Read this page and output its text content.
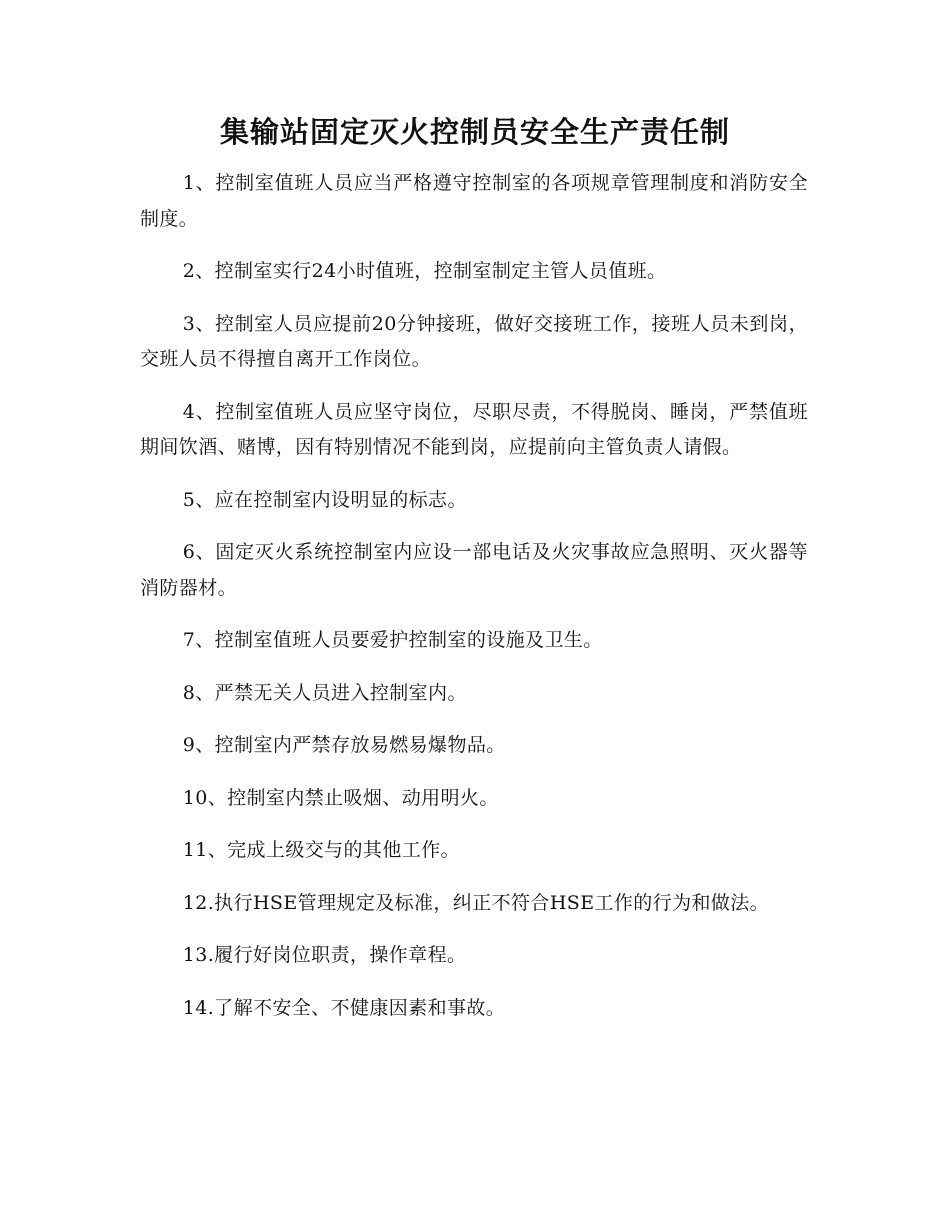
集输站固定灭火控制员安全生产责任制

1、控制室值班人员应当严格遵守控制室的各项规章管理制度和消防安全制度。

2、控制室实行24小时值班，控制室制定主管人员值班。

3、控制室人员应提前20分钟接班，做好交接班工作，接班人员未到岗，交班人员不得擅自离开工作岗位。

4、控制室值班人员应坚守岗位，尽职尽责，不得脱岗、睡岗，严禁值班期间饮酒、赌博，因有特别情况不能到岗，应提前向主管负责人请假。

5、应在控制室内设明显的标志。

6、固定灭火系统控制室内应设一部电话及火灾事故应急照明、灭火器等消防器材。

7、控制室值班人员要爱护控制室的设施及卫生。

8、严禁无关人员进入控制室内。

9、控制室内严禁存放易燃易爆物品。

10、控制室内禁止吸烟、动用明火。

11、完成上级交与的其他工作。

12.执行HSE管理规定及标准，纠正不符合HSE工作的行为和做法。

13.履行好岗位职责，操作章程。

14.了解不安全、不健康因素和事故。
